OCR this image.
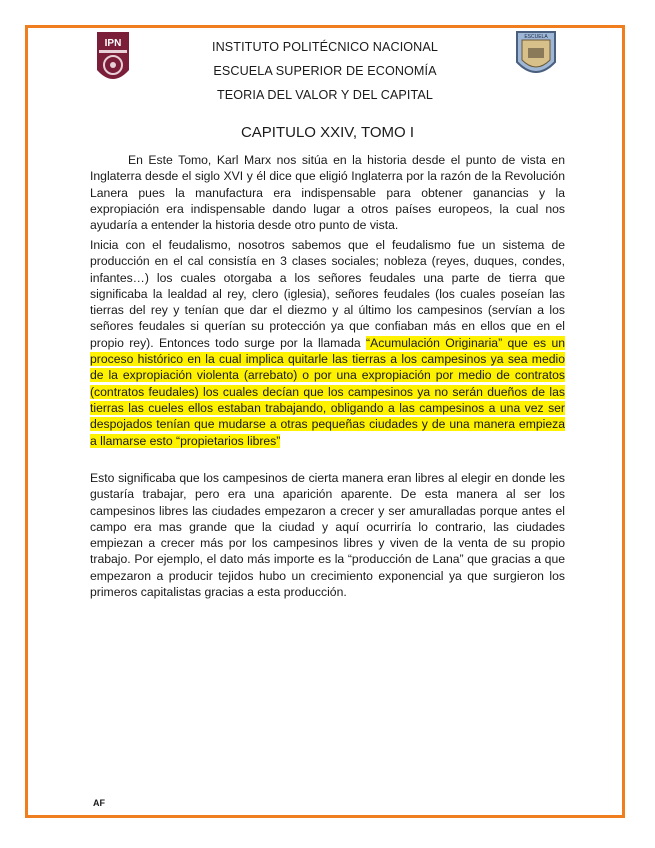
IPN
ESCUELA
INSTITUTO POLITÉCNICO NACIONAL
ESCUELA SUPERIOR DE ECONOMÍA
TEORIA DEL VALOR Y DEL CAPITAL
CAPITULO XXIV, TOMO I
En Este Tomo, Karl Marx nos sitúa en la historia desde el punto de vista en Inglaterra desde el siglo XVI y él dice que eligió Inglaterra por la razón de la Revolución Lanera pues la manufactura era indispensable para obtener ganancias y la expropiación era indispensable dando lugar a otros países europeos, la cual nos ayudaría a entender la historia desde otro punto de vista.
Inicia con el feudalismo, nosotros sabemos que el feudalismo fue un sistema de producción en el cal consistía en 3 clases sociales; nobleza (reyes, duques, condes, infantes…) los cuales otorgaba a los señores feudales una parte de tierra que significaba la lealdad al rey, clero (iglesia), señores feudales (los cuales poseían las tierras del rey y tenían que dar el diezmo y al último los campesinos (servían a los señores feudales si querían su protección ya que confiaban más en ellos que en el propio rey). Entonces todo surge por la llamada “Acumulación Originaria” que es un proceso histórico en la cual implica quitarle las tierras a los campesinos ya sea medio de la expropiación violenta (arrebato) o por una expropiación por medio de contratos (contratos feudales) los cuales decían que los campesinos ya no serán dueños de las tierras las cueles ellos estaban trabajando, obligando a las campesinos a una vez ser despojados tenían que mudarse a otras pequeñas ciudades y de una manera empieza a llamarse esto “propietarios libres”
Esto significaba que los campesinos de cierta manera eran libres al elegir en donde les gustaría trabajar, pero era una aparición aparente. De esta manera al ser los campesinos libres las ciudades empezaron a crecer y ser amuralladas porque antes el campo era mas grande que la ciudad y aquí ocurriría lo contrario, las ciudades empiezan a crecer más por los campesinos libres y viven de la venta de su propio trabajo. Por ejemplo, el dato más importe es la “producción de Lana” que gracias a que empezaron a producir tejidos hubo un crecimiento exponencial ya que surgieron los primeros capitalistas gracias a esta producción.
AF
